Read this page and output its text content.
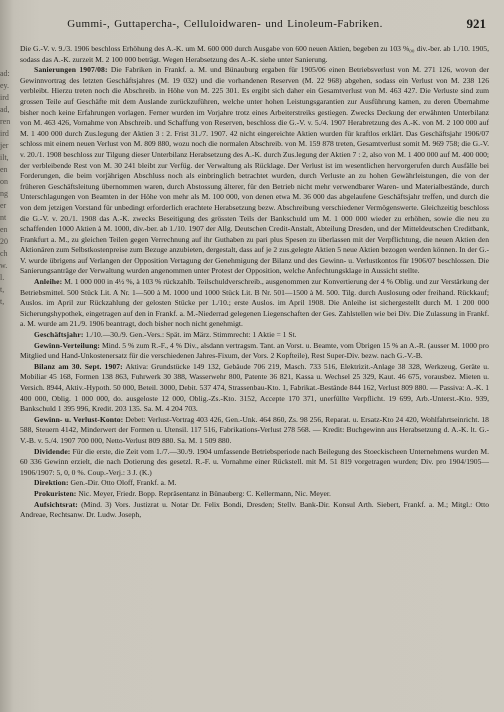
ad:
ey.
ird
ad,
ren
ird
jer
ilt,
en
on
ng
er
nt
en
20
ch
w.
l.
t,
t,
Gummi-, Guttapercha-, Celluloidwaren- und Linoleum-Fabriken.	921

Die G.-V. v. 9./3. 1906 beschloss Erhöhung des A.-K. um M. 600 000 durch Ausgabe von 600 neuen Aktien, begeben zu 103 %₀₀ div.-ber. ab 1./10. 1905, sodass das A.-K. zurzeit M. 2 100 000 beträgt. Wegen Herabsetzung des A.-K. siehe unter Sanierung.

Sanierungen 1907/08: Die Fabriken in Frankf. a. M. und Bünauburg ergaben für 1905/06 einen Betriebsverlust von M. 271 126, wovon der Gewinnvortrag des letzten Geschäftsjahres (M. 19 032) und die vorhandenen Reserven (M. 22 968) abgehen, sodass ein Verlust von M. 238 126 verbleibt. Hierzu treten noch die Abschreib. in Höhe von M. 225 301. Es ergibt sich daher ein Gesamtverlust von M. 463 427. Die Verluste sind zum grossen Teile auf Geschäfte mit dem Auslande zurückzuführen, welche unter hohen Leistungsgarantien zur Ausführung kamen, zu deren Übernahme bisher noch keine Erfahrungen vorlagen. Ferner wurden im Vorjahre trotz eines Arbeiterstreiks gestiegen. Zwecks Deckung der erwähnten Unterbilanz von M. 463 426, Vornahme von Abschreib. und Schaffung von Reserven, beschloss die G.-V. v. 5./4. 1907 Herabretzung des A.-K. von M. 2 100 000 auf M. 1 400 000 durch Zus.legung der Aktien 3 : 2. Frist 31./7. 1907. 42 nicht eingereichte Aktien wurden für kraftlos erklärt. Das Geschäftsjahr 1906/07 schloss mit einem neuen Verlust von M. 809 880, wozu noch die normalen Abschreib. von M. 159 878 treten, Gesamtverlust somit M. 969 758; die G.-V. v. 20./1. 1908 beschloss zur Tilgung dieser Unterbilanz Herabsetzung des A.-K. durch Zus.legung der Aktien 7 : 2, also von M. 1 400 000 auf M. 400 000; der verbleibende Rest von M. 30 241 bleibt zur Verfüg. der Verwaltung als Rücklage. Der Verlust ist im wesentlichen hervorgerufen durch Ausfälle bei Forderungen, die beim vorjährigen Abschluss noch als einbringlich betrachtet wurden, durch Verluste an zu hohen Gewährleistungen, die von der früheren Geschäftsleitung übernommen waren, durch Abstossung älterer, für den Betrieb nicht mehr verwendbarer Waren- und Materialbestände, durch Unterschlagungen von Beamten in der Höhe von mehr als M. 100 000, von denen etwa M. 36 000 das abgelaufene Geschäftsjahr treffen, und durch die von dem jetzigen Vorstand für unbedingt erforderlich erachtete Herabsetzung bezw. Abschreibung verschiedener Vermögenswerte. Gleichzeitig beschloss die G.-V. v. 20./1. 1908 das A.-K. zwecks Beseitigung des grössten Teils der Bankschuld um M. 1 000 000 wieder zu erhöhen, sowie die neu zu schaffenden 1000 Aktien à M. 1000, div.-ber. ab 1./10. 1907 der Allg. Deutschen Credit-Anstalt, Abteilung Dresden, und der Mitteldeutschen Creditbank, Frankfurt a. M., zu gleichen Teilen gegen Verrechnung auf ihr Guthaben zu pari plus Spesen zu überlassen mit der Verpflichtung, die neuen Aktien den Aktionären zum Selbstkostenpreise zum Bezuge anzubieten, dergestalt, dass auf je 2 zus.gelegte Aktien 5 neue Aktien bezogen werden können. In der G.-V. wurde übrigens auf Verlangen der Opposition Vertagung der Genehmigung der Bilanz und des Gewinn- u. Verlustkontos für 1906/07 beschlossen. Die Sanierungsanträge der Verwaltung wurden angenommen unter Protest der Opposition, welche Anfechtungsklage in Aussicht stellte.

Anleihe: M. 1 000 000 in 4½ %, à 103 % rückzahlb. Teilschuldverschreib., ausgenommen zur Konvertierung der 4 % Oblig. und zur Verstärkung der Betriebsmittel. 500 Stück Lit. A Nr. 1—500 à M. 1000 und 1000 Stück Lit. B Nr. 501—1500 à M. 500. Tilg. durch Auslosung oder freihand. Rückkauf; Auslos. im April zur Rückzahlung der gelosten Stücke per 1./10.; erste Auslos. im April 1908. Die Anleihe ist sichergestellt durch M. 1 200 000 Sicherungshypothek, eingetragen auf den in Frankf. a. M.-Niederrad gelegenen Liegenschaften der Ges. Zahlstellen wie bei Div. Die Zulassung in Frankf. a. M. wurde am 21./9. 1906 beantragt, doch bisher noch nicht genehmigt.

Geschäftsjahr: 1./10.—30./9. Gen.-Vers.: Spät. im März. Stimmrecht: 1 Aktie = 1 St.

Gewinn-Verteilung: Mind. 5 % zum R.-F., 4 % Div., alsdann vertragsm. Tant. an Vorst. u. Beamte, vom Übrigen 15 % an A.-R. (ausser M. 1000 pro Mitglied und Hand-Unkostenersatz für die verschiedenen Jahres-Fixum, der Vors. 2 Kopfteile), Rest Super-Div. bezw. nach G.-V.-B.

Bilanz am 30. Sept. 1907: Aktiva: Grundstücke 149 132, Gebäude 706 219, Masch. 733 516, Elektrizit.-Anlage 38 328, Werkzeug, Geräte u. Mobiliar 45 168, Formen 138 863, Fuhrwerk 30 388, Wasserwehr 800, Patente 36 821, Kassa u. Wechsel 25 329, Kaut. 46 675, vorausbez. Mieten u. Versich. 8944, Aktiv.-Hypoth. 50 000, Beteil. 3000, Debit. 537 474, Strassenbau-Kto. 1, Fabrikat.-Bestände 844 162, Verlust 809 880. — Passiva: A.-K. 1 400 000, Oblig. 1 000 000, do. ausgeloste 12 000, Oblig.-Zs.-Kto. 3152, Accepte 170 371, unerfüllte Verpflicht. 19 699, Arb.-Unterst.-Kto. 939, Bankschuld 1 395 996, Kredit. 203 135. Sa. M. 4 204 703.

Gewinn- u. Verlust-Konto: Debet: Verlust-Vortrag 403 426, Gen.-Unk. 464 860, Zs. 98 256, Reparat. u. Ersatz-Kto 24 420, Wohlfahrtseinricht. 18 588, Steuern 4142, Minderwert der Formen u. Utensil. 117 516, Fabrikations-Verlust 278 568. — Kredit: Buchgewinn aus Herabsetzung d. A.-K. lt. G.-V.-B. v. 5./4. 1907 700 000, Netto-Verlust 809 880. Sa. M. 1 509 880.

Dividende: Für die erste, die Zeit vom 1./7.—30./9. 1904 umfassende Betriebsperiode nach Beilegung des Stoeckischeen Unternehmens wurden M. 60 336 Gewinn erzielt, die nach Dotierung des gesetzl. R.-F. u. Vornahme einer Rückstell. mit M. 51 819 vorgetragen wurden; Div. pro 1904/1905—1906/1907: 5, 0, 0 %. Coup.-Verj.: 3 J. (K.)

Direktion: Gen.-Dir. Otto Oloff, Frankf. a. M.

Prokuristen: Nic. Meyer, Friedr. Bopp. Repräsentanz in Bünauberg: C. Kellermann, Nic. Meyer.

Aufsichtsrat: (Mind. 3) Vors. Justizrat u. Notar Dr. Felix Bondi, Dresden; Stellv. Bank-Dir. Konsul Arth. Siebert, Frankf. a. M.; Mitgl.: Otto Andreae, Rechtsanw. Dr. Ludw. Joseph,
